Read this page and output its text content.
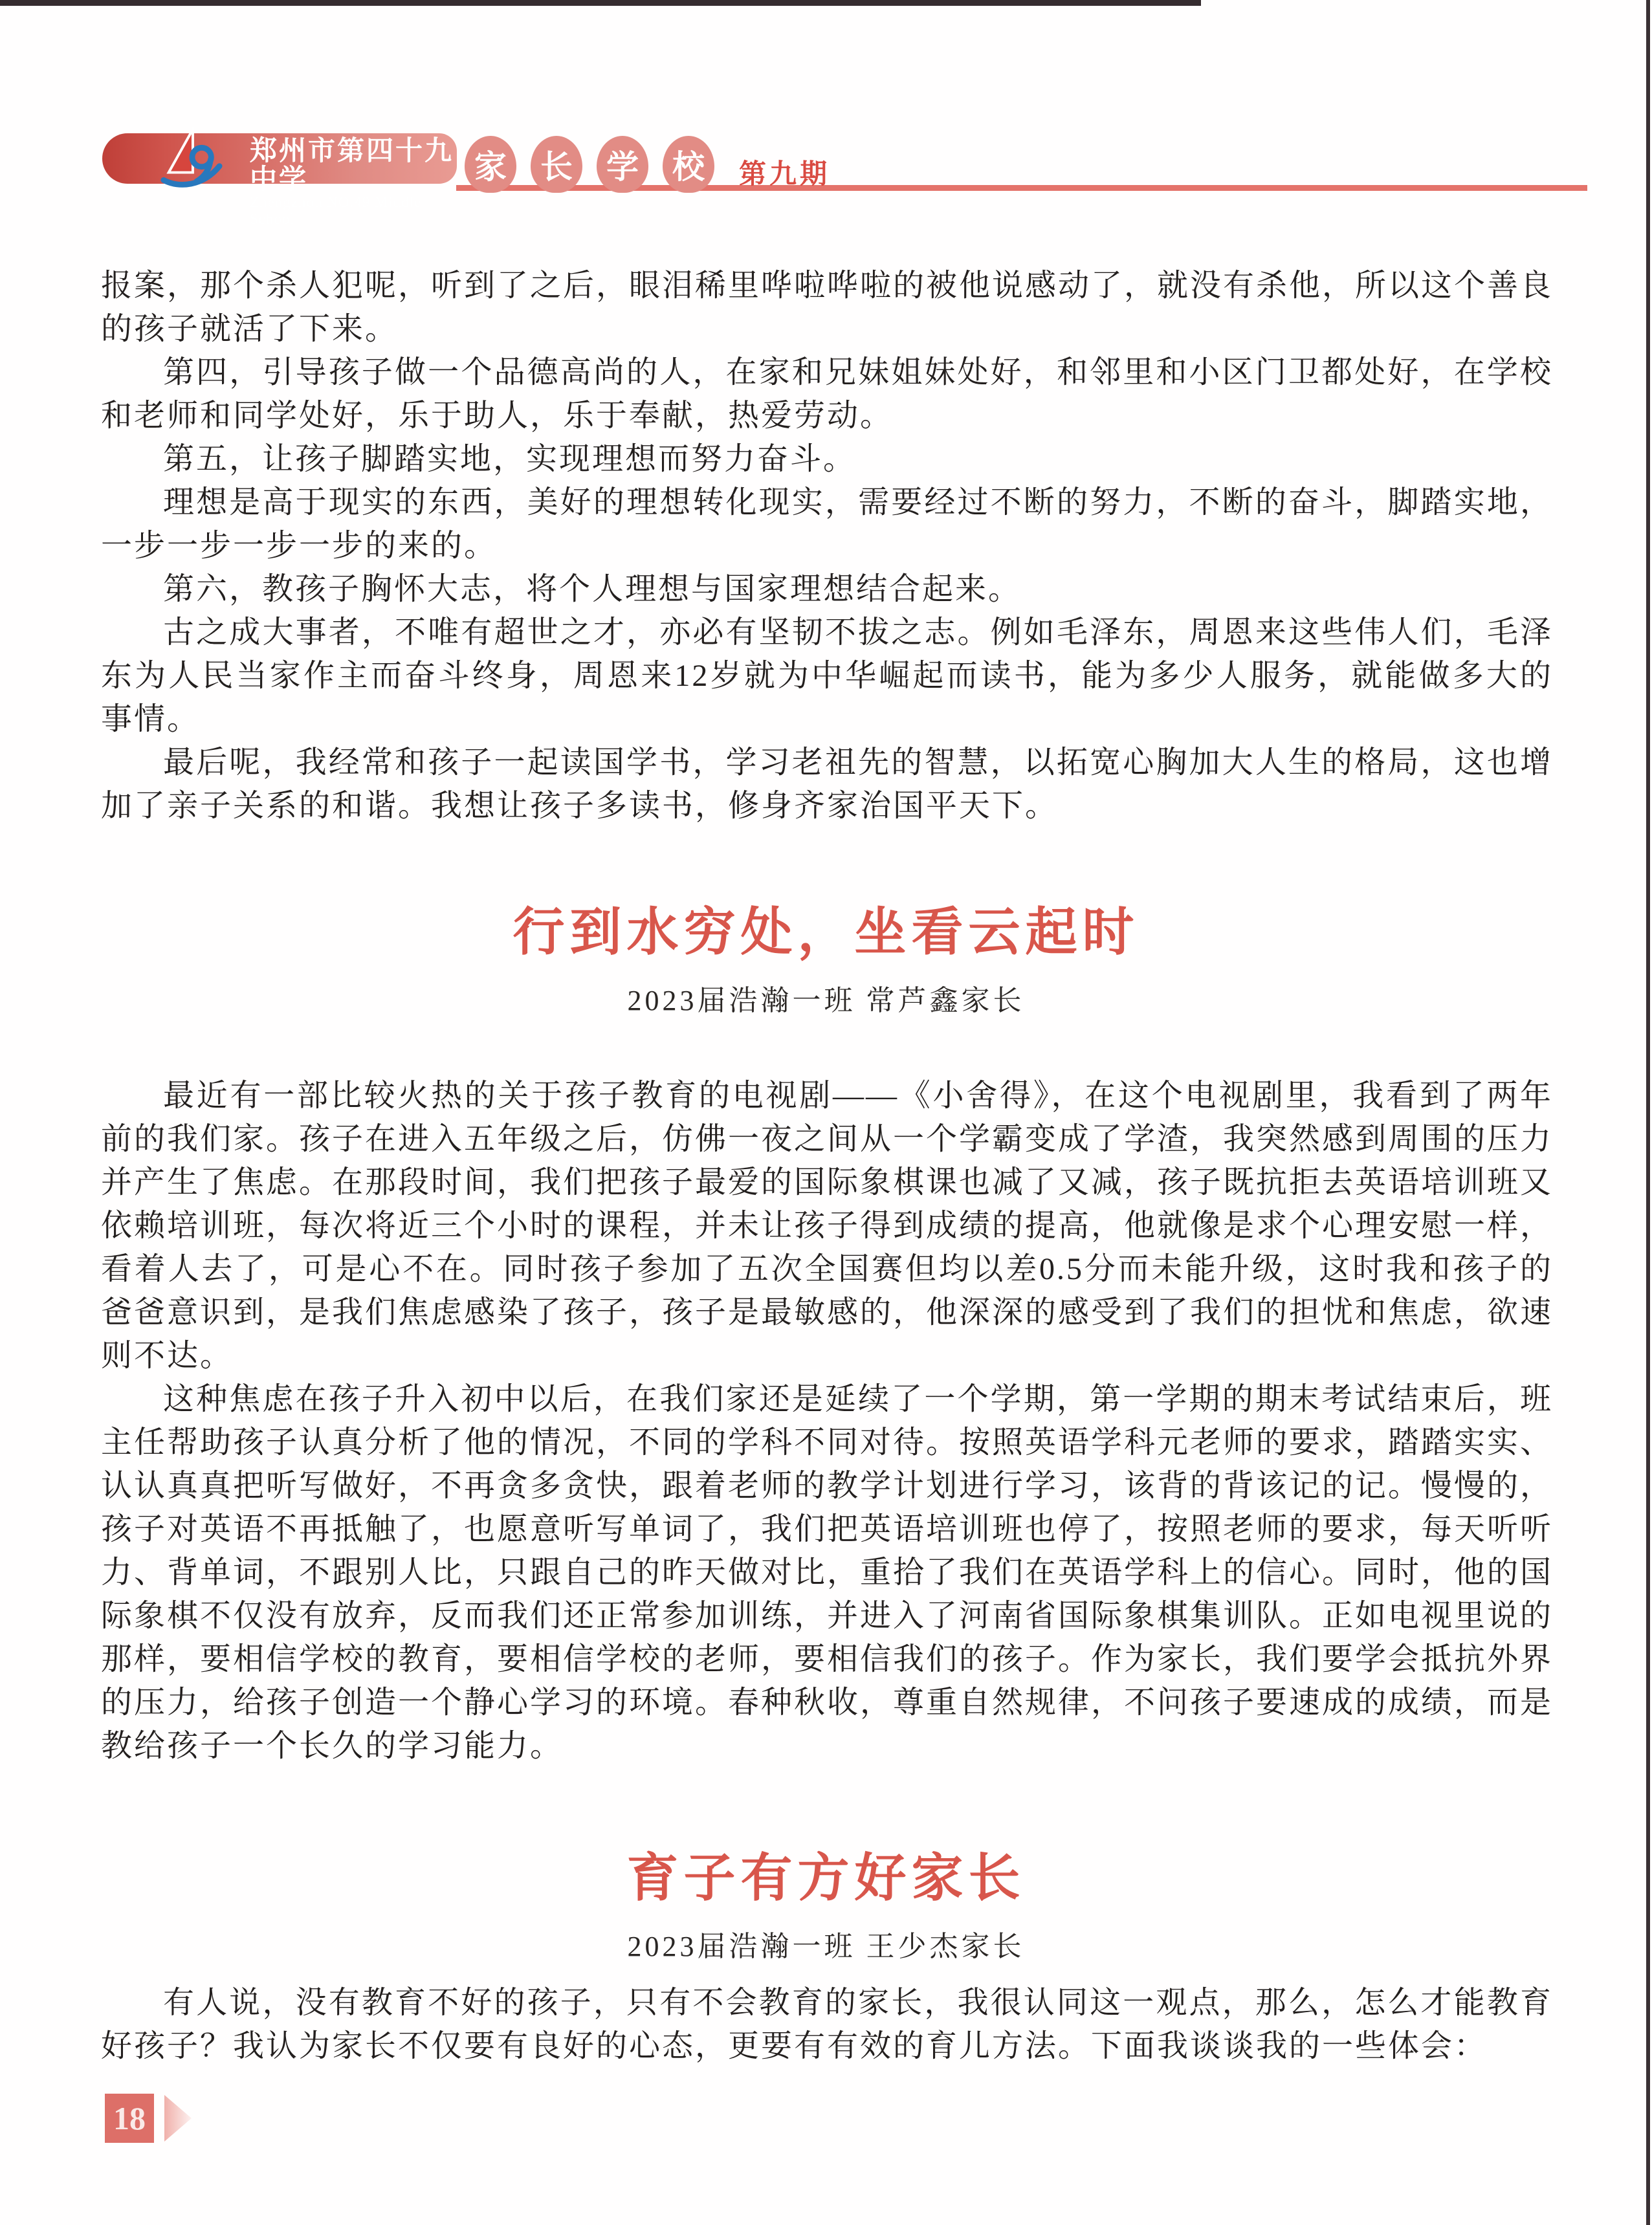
郑州市第四十九中学
Zhengzhou NO.49 Middle School
家	长	学	校	第九期

报案，那个杀人犯呢，听到了之后，眼泪稀里哗啦哗啦的被他说感动了，就没有杀他，所以这个善良的孩子就活了下来。

第四，引导孩子做一个品德高尚的人，在家和兄妹姐妹处好，和邻里和小区门卫都处好，在学校和老师和同学处好，乐于助人，乐于奉献，热爱劳动。

第五，让孩子脚踏实地，实现理想而努力奋斗。

理想是高于现实的东西，美好的理想转化现实，需要经过不断的努力，不断的奋斗，脚踏实地，一步一步一步一步的来的。

第六，教孩子胸怀大志，将个人理想与国家理想结合起来。

古之成大事者，不唯有超世之才，亦必有坚韧不拔之志。例如毛泽东，周恩来这些伟人们，毛泽东为人民当家作主而奋斗终身，周恩来12岁就为中华崛起而读书，能为多少人服务，就能做多大的事情。

最后呢，我经常和孩子一起读国学书，学习老祖先的智慧，以拓宽心胸加大人生的格局，这也增加了亲子关系的和谐。我想让孩子多读书，修身齐家治国平天下。

行到水穷处，坐看云起时

2023届浩瀚一班 常芦鑫家长

最近有一部比较火热的关于孩子教育的电视剧——《小舍得》，在这个电视剧里，我看到了两年前的我们家。孩子在进入五年级之后，仿佛一夜之间从一个学霸变成了学渣，我突然感到周围的压力并产生了焦虑。在那段时间，我们把孩子最爱的国际象棋课也减了又减，孩子既抗拒去英语培训班又依赖培训班，每次将近三个小时的课程，并未让孩子得到成绩的提高，他就像是求个心理安慰一样，看着人去了，可是心不在。同时孩子参加了五次全国赛但均以差0.5分而未能升级，这时我和孩子的爸爸意识到，是我们焦虑感染了孩子，孩子是最敏感的，他深深的感受到了我们的担忧和焦虑，欲速则不达。

这种焦虑在孩子升入初中以后，在我们家还是延续了一个学期，第一学期的期末考试结束后，班主任帮助孩子认真分析了他的情况，不同的学科不同对待。按照英语学科元老师的要求，踏踏实实、认认真真把听写做好，不再贪多贪快，跟着老师的教学计划进行学习，该背的背该记的记。慢慢的，孩子对英语不再抵触了，也愿意听写单词了，我们把英语培训班也停了，按照老师的要求，每天听听力、背单词，不跟别人比，只跟自己的昨天做对比，重拾了我们在英语学科上的信心。同时，他的国际象棋不仅没有放弃，反而我们还正常参加训练，并进入了河南省国际象棋集训队。正如电视里说的那样，要相信学校的教育，要相信学校的老师，要相信我们的孩子。作为家长，我们要学会抵抗外界的压力，给孩子创造一个静心学习的环境。春种秋收，尊重自然规律，不问孩子要速成的成绩，而是教给孩子一个长久的学习能力。

育子有方好家长

2023届浩瀚一班 王少杰家长

有人说，没有教育不好的孩子，只有不会教育的家长，我很认同这一观点，那么，怎么才能教育好孩子？我认为家长不仅要有良好的心态，更要有有效的育儿方法。下面我谈谈我的一些体会：

18
